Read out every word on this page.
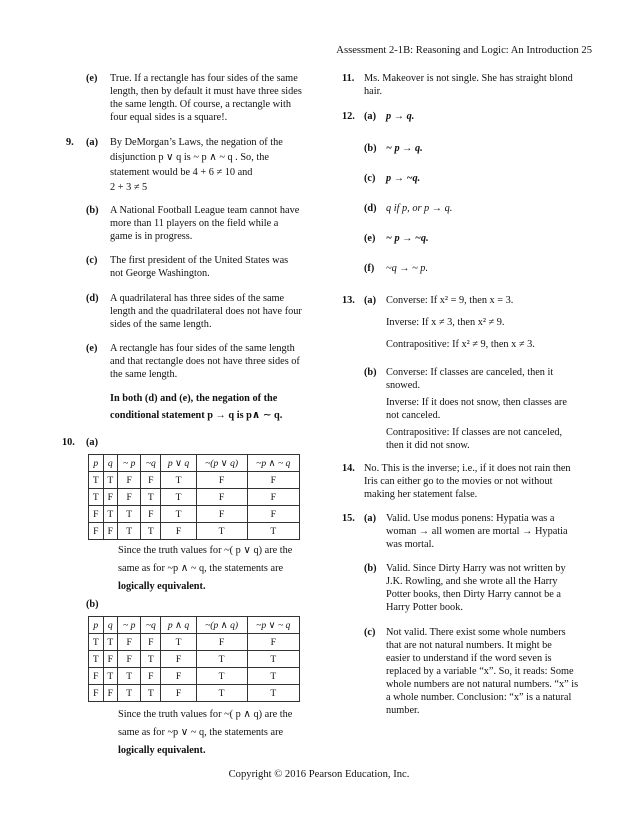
Assessment 2-1B: Reasoning and Logic: An Introduction 25
(e) True. If a rectangle has four sides of the same
length, then by default it must have three sides
the same length. Of course, a rectangle with
four equal sides is a square!.
9. (a) By DeMorgan’s Laws, the negation of the
disjunction p ∨ q is ~ p ∧ ~ q . So, the
statement would be 4 + 6 ≠ 10 and
2 + 3 ≠ 5
(b) A National Football League team cannot have
more than 11 players on the field while a
game is in progress.
(c) The first president of the United States was
not George Washington.
(d) A quadrilateral has three sides of the same
length and the quadrilateral does not have four
sides of the same length.
(e) A rectangle has four sides of the same length
and that rectangle does not have three sides of
the same length.
In both (d) and (e), the negation of the
conditional statement p → q is p∧ ∼ q.
10. (a)
p	q	~ p	~q	p ∨ q	~(p ∨ q)	~p ∧ ~ q
T	T	F	F	T	F	F
T	F	F	T	T	F	F
F	T	T	F	T	F	F
F	F	T	T	F	T	T
Since the truth values for ~( p ∨ q) are the
same as for ~p ∧ ~ q, the statements are
logically equivalent.
(b)
p	q	~ p	~q	p ∧ q	~(p ∧ q)	~p ∨ ~ q
T	T	F	F	T	F	F
T	F	F	T	F	T	T
F	T	T	F	F	T	T
F	F	T	T	F	T	T
Since the truth values for ~( p ∧ q) are the
same as for ~p ∨ ~ q, the statements are
logically equivalent.
11. Ms. Makeover is not single. She has straight blond
hair.
12. (a) p → q.
(b) ~ p → q.
(c) p → ~q.
(d) q if p, or p → q.
(e) ~ p → ~q.
(f) ~q → ~ p.
13. (a) Converse: If x² = 9, then x = 3.
Inverse: If x ≠ 3, then x² ≠ 9.
Contrapositive: If x² ≠ 9, then x ≠ 3.
(b) Converse: If classes are canceled, then it
snowed.
Inverse: If it does not snow, then classes are
not canceled.
Contrapositive: If classes are not canceled,
then it did not snow.
14. No. This is the inverse; i.e., if it does not rain then
Iris can either go to the movies or not without
making her statement false.
15. (a) Valid. Use modus ponens: Hypatia was a
woman → all women are mortal → Hypatia
was mortal.
(b) Valid. Since Dirty Harry was not written by
J.K. Rowling, and she wrote all the Harry
Potter books, then Dirty Harry cannot be a
Harry Potter book.
(c) Not valid. There exist some whole numbers
that are not natural numbers. It might be
easier to understand if the word seven is
replaced by a variable “x”. So, it reads: Some
whole numbers are not natural numbers. “x” is
a whole number. Conclusion: “x” is a natural
number.
Copyright © 2016 Pearson Education, Inc.
